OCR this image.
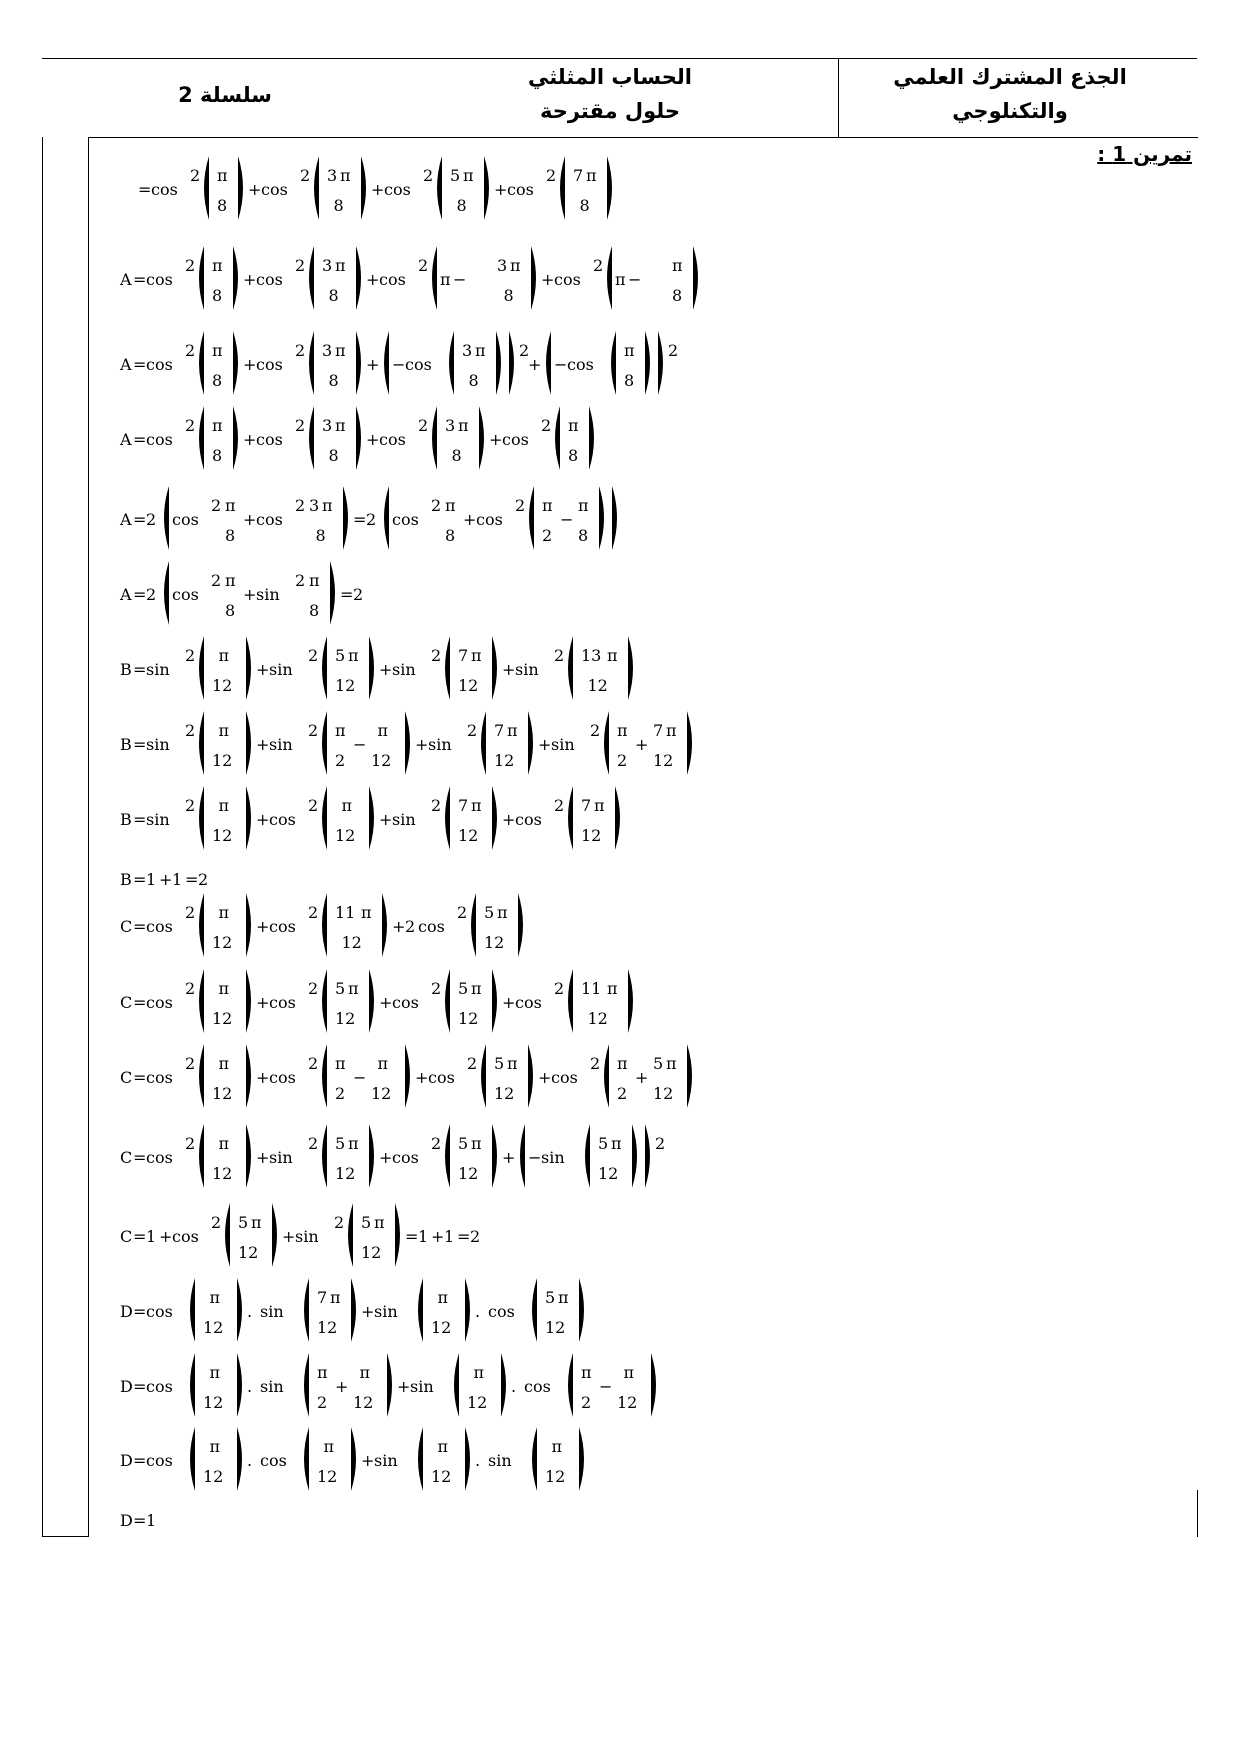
سلسلة 2
الحساب المثلثي
حلول مقترحة
الجذع المشترك العلمي
والتكنلوجي
تمرين 1 :
= cos
2 π
8
+ cos
2 3 π
8
+ cos
2 5 π
8
+ cos
2 7 π
8
A = cos
2 π
8
+ cos
2 3 π
8
+ cos
2
π −
3 π
8
+ cos
2
π −
π
8
A = cos
2 π
8
+ cos
2 3 π
8
+ − cos
3 π
8
2
+ − cos
π
8
2
A = cos
2 π
8
+ cos
2 3 π
8
+ cos
2 3 π
8
+ cos
2 π
8
A = 2 cos
2 π
8
+ cos
2 3 π
8
= 2 cos
2 π
8
+ cos
2 π
2
−
π
8
A = 2 cos
2 π
8
+ sin
2 π
8
= 2
B = sin
2 π
12
+ sin
2 5 π
12
+ sin
2 7 π
12
+ sin
2 13 π
12
B = sin
2 π
12
+ sin
2 π
2
−
π
12
+ sin
2 7 π
12
+ sin
2 π
2
+
7 π
12
B = sin
2 π
12
+ cos
2 π
12
+ sin
2 7 π
12
+ cos
2 7 π
12
B = 1 + 1 = 2
C = cos
2 π
12
+ cos
2 11 π
12
+ 2 cos
2 5 π
12
C = cos
2 π
12
+ cos
2 5 π
12
+ cos
2 5 π
12
+ cos
2 11 π
12
C = cos
2 π
12
+ cos
2 π
2
−
π
12
+ cos
2 5 π
12
+ cos
2 π
2
+
5 π
12
C = cos
2 π
12
+ sin
2 5 π
12
+ cos
2 5 π
12
+ − sin
5 π
12
2
C = 1 + cos
2 5 π
12
+ sin
2 5 π
12
= 1 + 1 = 2
D = cos
π
12
. sin
7 π
12
+ sin
π
12
. cos
5 π
12
D = cos
π
12
. sin
π
2
+
π
12
+ sin
π
12
. cos
π
2
−
π
12
D = cos
π
12
. cos
π
12
+ sin
π
12
. sin
π
12
D = 1
